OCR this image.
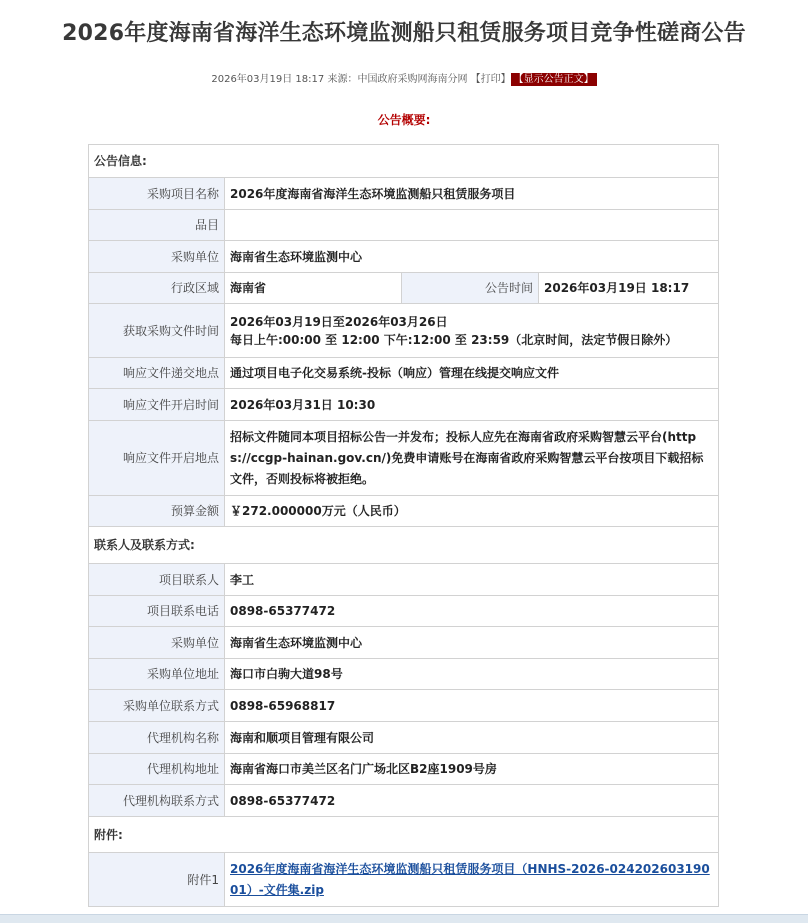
2026年度海南省海洋生态环境监测船只租赁服务项目竞争性磋商公告
2026年03月19日 18:17 来源：中国政府采购网海南分网 【打印】 【显示公告正文】
公告概要:
公告信息:			
采购项目名称	2026年度海南省海洋生态环境监测船只租赁服务项目		
品目			
采购单位	海南省生态环境监测中心		
行政区域	海南省	公告时间	2026年03月19日 18:17
获取采购文件时间	2026年03月19日至2026年03月26日
每日上午:00:00 至 12:00 下午:12:00 至 23:59（北京时间，法定节假日除外）		

响应文件递交地点	通过项目电子化交易系统-投标（响应）管理在线提交响应文件		
响应文件开启时间	2026年03月31日 10:30		
响应文件开启地点	招标文件随同本项目招标公告一并发布；投标人应先在海南省政府采购智慧云平台(https://ccgp-hainan.gov.cn/)免费申请账号在海南省政府采购智慧云平台按项目下载招标文件，否则投标将被拒绝。		
预算金额	￥272.000000万元（人民币）		
联系人及联系方式:			
项目联系人	李工		
项目联系电话	0898-65377472		
采购单位	海南省生态环境监测中心		
采购单位地址	海口市白驹大道98号		
采购单位联系方式	0898-65968817		
代理机构名称	海南和顺项目管理有限公司		
代理机构地址	海南省海口市美兰区名门广场北区B2座1909号房		
代理机构联系方式	0898-65377472		
附件:			
附件1	2026年度海南省海洋生态环境监测船只租赁服务项目（HNHS-2026-02420260319001）-文件集.zip		
